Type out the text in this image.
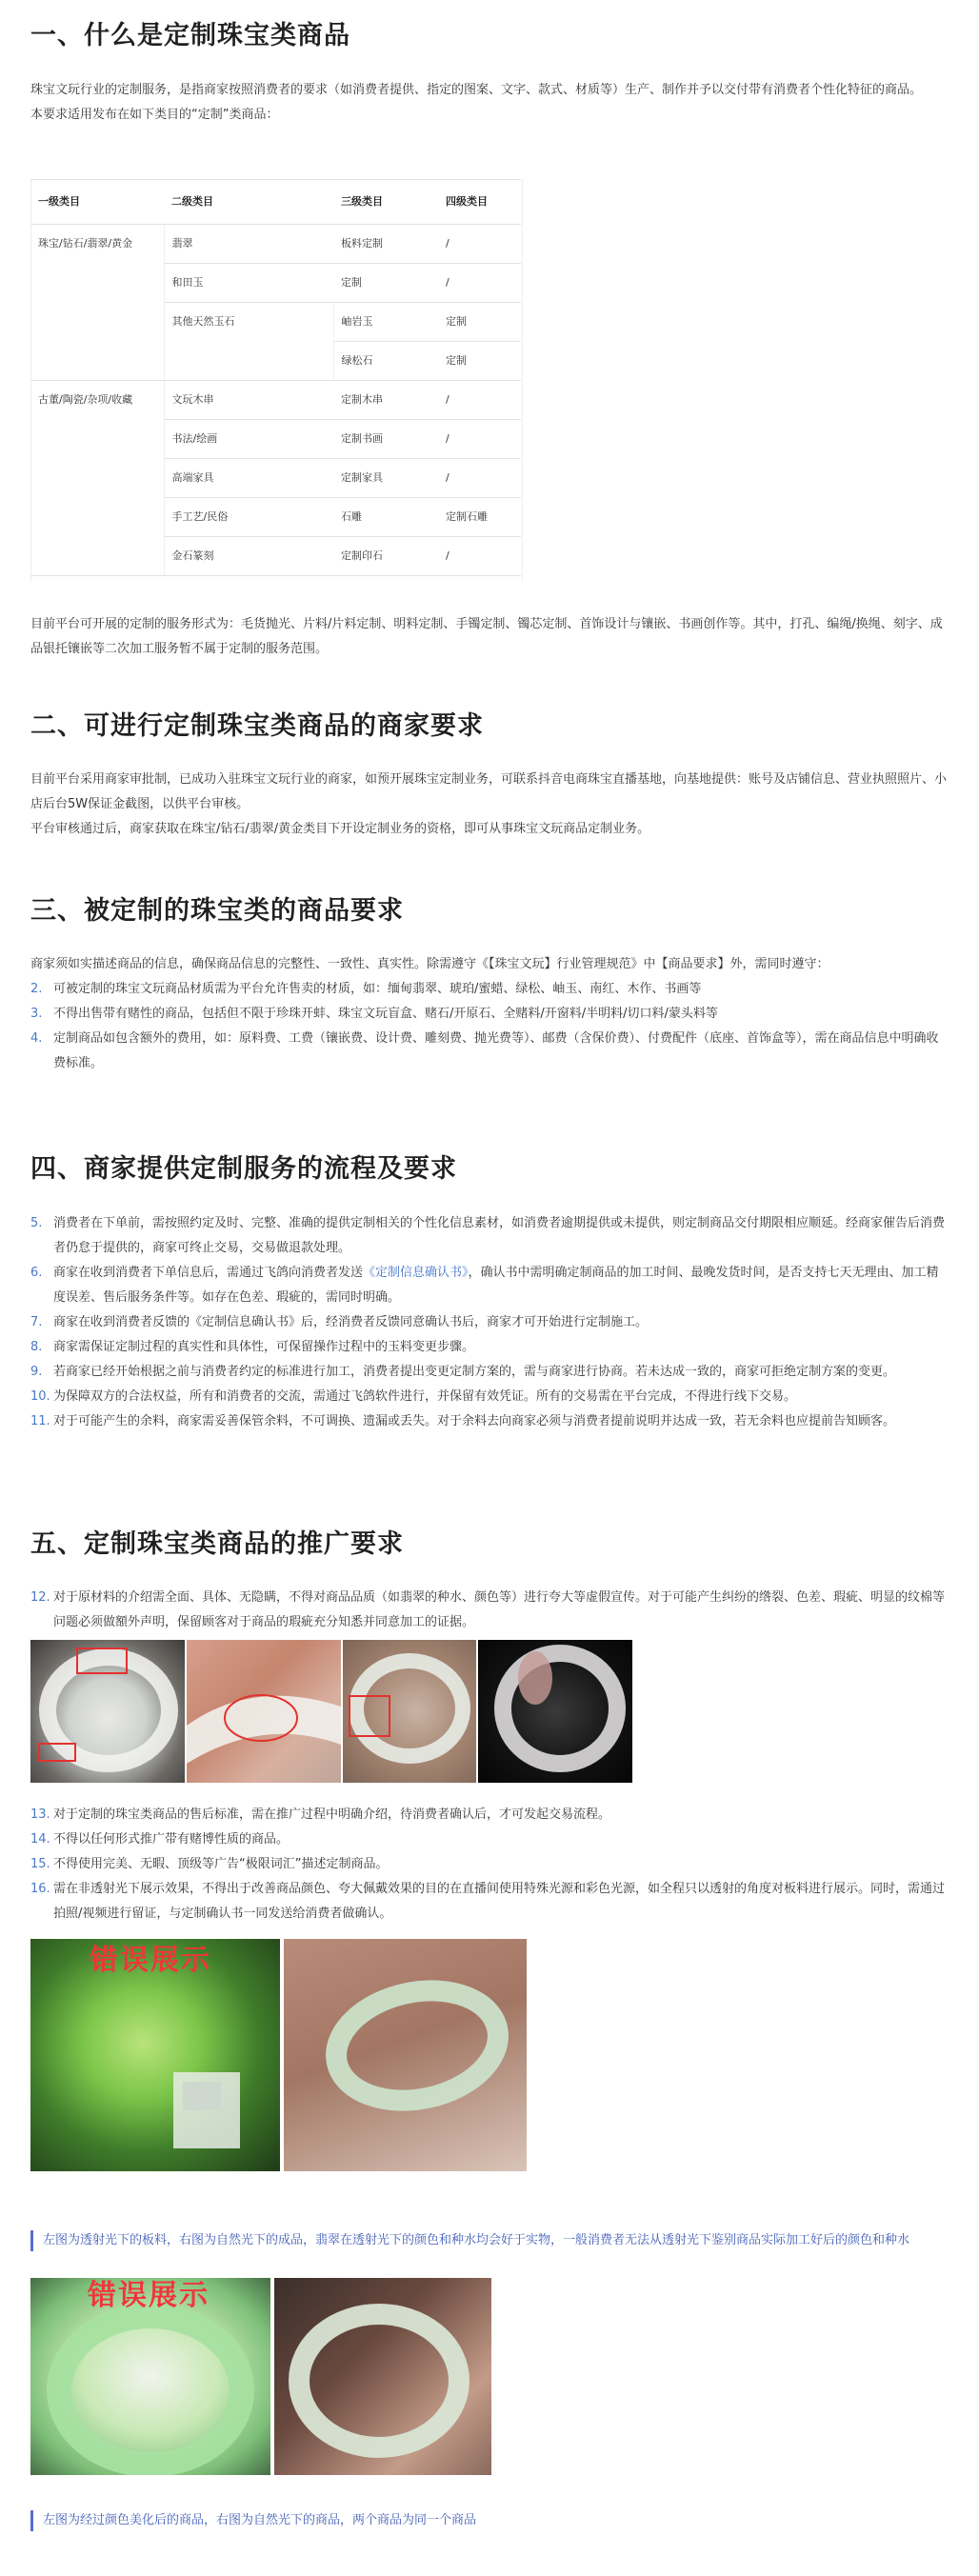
一、什么是定制珠宝类商品

珠宝文玩行业的定制服务，是指商家按照消费者的要求（如消费者提供、指定的图案、文字、款式、材质等）生产、制作并予以交付带有消费者个性化特征的商品。

本要求适用发布在如下类目的“定制”类商品：

一级类目	二级类目	三级类目	四级类目
珠宝/钻石/翡翠/黄金	翡翠	板料定制	/
	和田玉	定制	/
	其他天然玉石	岫岩玉	定制
		绿松石	定制
古董/陶瓷/杂项/收藏	文玩木串	定制木串	/
	书法/绘画	定制书画	/
	高端家具	定制家具	/
	手工艺/民俗	石雕	定制石雕
	金石篆刻	定制印石	/

目前平台可开展的定制的服务形式为：毛货抛光、片料/片料定制、明料定制、手镯定制、镯芯定制、首饰设计与镶嵌、书画创作等。其中，打孔、编绳/换绳、刻字、成品银托镶嵌等二次加工服务暂不属于定制的服务范围。

二、可进行定制珠宝类商品的商家要求

目前平台采用商家审批制，已成功入驻珠宝文玩行业的商家，如预开展珠宝定制业务，可联系抖音电商珠宝直播基地，向基地提供：账号及店铺信息、营业执照照片、小店后台5W保证金截图，以供平台审核。

平台审核通过后，商家获取在珠宝/钻石/翡翠/黄金类目下开设定制业务的资格，即可从事珠宝文玩商品定制业务。

三、被定制的珠宝类的商品要求

商家须如实描述商品的信息，确保商品信息的完整性、一致性、真实性。除需遵守《【珠宝文玩】行业管理规范》中【商品要求】外，需同时遵守：

2. 可被定制的珠宝文玩商品材质需为平台允许售卖的材质，如：缅甸翡翠、琥珀/蜜蜡、绿松、岫玉、南红、木作、书画等
3. 不得出售带有赌性的商品，包括但不限于珍珠开蚌、珠宝文玩盲盒、赌石/开原石、全赌料/开窗料/半明料/切口料/蒙头料等
4. 定制商品如包含额外的费用，如：原料费、工费（镶嵌费、设计费、雕刻费、抛光费等）、邮费（含保价费）、付费配件（底座、首饰盒等），需在商品信息中明确收费标准。
四、商家提供定制服务的流程及要求
5. 消费者在下单前，需按照约定及时、完整、准确的提供定制相关的个性化信息素材，如消费者逾期提供或未提供，则定制商品交付期限相应顺延。经商家催告后消费者仍怠于提供的，商家可终止交易，交易做退款处理。
6. 商家在收到消费者下单信息后，需通过飞鸽向消费者发送《定制信息确认书》，确认书中需明确定制商品的加工时间、最晚发货时间，是否支持七天无理由、加工精度误差、售后服务条件等。如存在色差、瑕疵的，需同时明确。
7. 商家在收到消费者反馈的《定制信息确认书》后，经消费者反馈同意确认书后，商家才可开始进行定制施工。
8. 商家需保证定制过程的真实性和具体性，可保留操作过程中的玉料变更步骤。
9. 若商家已经开始根据之前与消费者约定的标准进行加工，消费者提出变更定制方案的，需与商家进行协商。若未达成一致的，商家可拒绝定制方案的变更。
10. 为保障双方的合法权益，所有和消费者的交流，需通过飞鸽软件进行，并保留有效凭证。所有的交易需在平台完成，不得进行线下交易。
11. 对于可能产生的余料，商家需妥善保管余料，不可调换、遗漏或丢失。对于余料去向商家必须与消费者提前说明并达成一致，若无余料也应提前告知顾客。
五、定制珠宝类商品的推广要求
12. 对于原材料的介绍需全面、具体、无隐瞒，不得对商品品质（如翡翠的种水、颜色等）进行夸大等虚假宣传。对于可能产生纠纷的绺裂、色差、瑕疵、明显的纹棉等问题必须做額外声明，保留顾客对于商品的瑕疵充分知悉并同意加工的证据。
13. 对于定制的珠宝类商品的售后标准，需在推广过程中明确介绍，待消费者确认后，才可发起交易流程。
14. 不得以任何形式推广带有赌博性质的商品。
15. 不得使用完美、无暇、顶级等广告“极限词汇”描述定制商品。
16. 需在非透射光下展示效果，不得出于改善商品颜色、夸大佩戴效果的目的在直播间使用特殊光源和彩色光源，如全程只以透射的角度对板料进行展示。同时，需通过拍照/视频进行留证，与定制确认书一同发送给消费者做确认。
错误展示
左图为透射光下的板料，右图为自然光下的成品，翡翠在透射光下的颜色和种水均会好于实物，一般消费者无法从透射光下鉴别商品实际加工好后的颜色和种水
错误展示
左图为经过颜色美化后的商品，右图为自然光下的商品，两个商品为同一个商品
